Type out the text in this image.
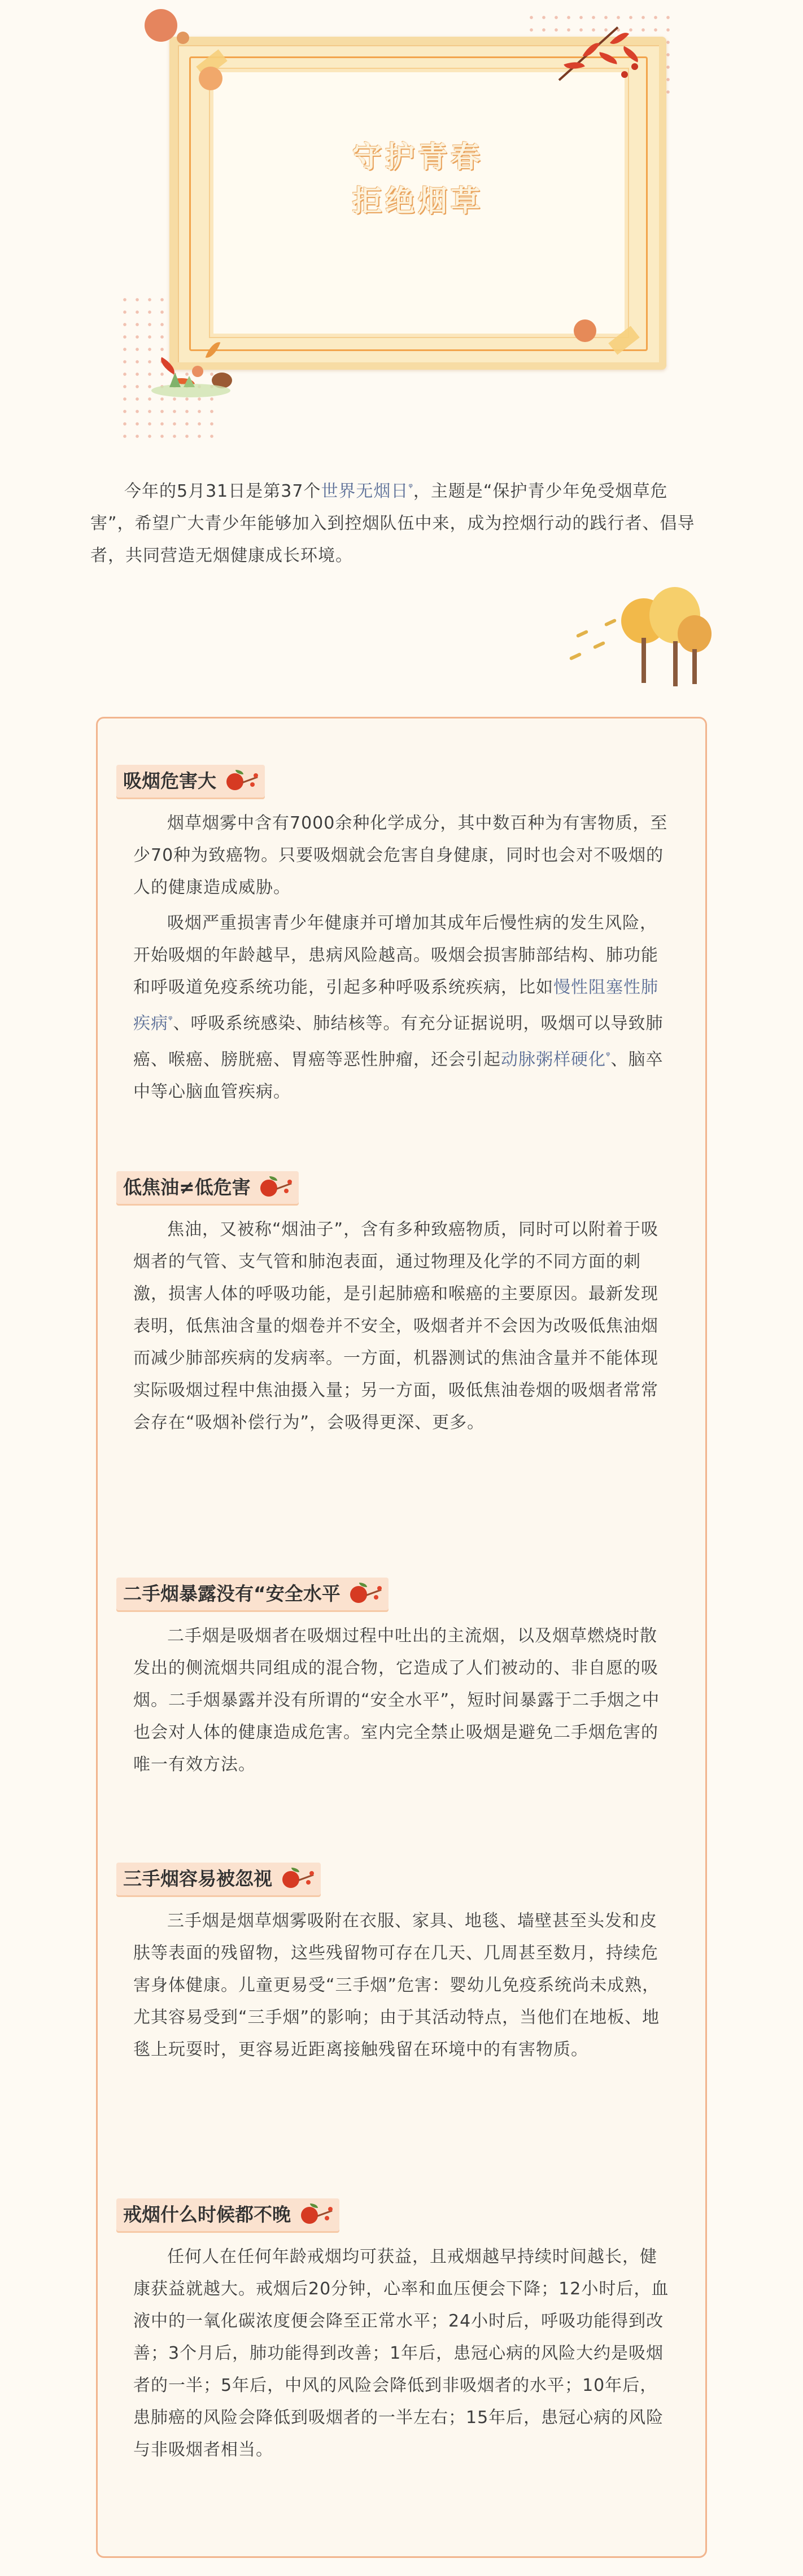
守护青春
拒绝烟草

今年的5月31日是第37个世界无烟日$^ᵠ$，主题是“保护青少年免受烟草危害”，希望广大青少年能够加入到控烟队伍中来，成为控烟行动的践行者、倡导者，共同营造无烟健康成长环境。

吸烟危害大

烟草烟雾中含有7000余种化学成分，其中数百种为有害物质，至少70种为致癌物。只要吸烟就会危害自身健康，同时也会对不吸烟的人的健康造成威胁。

吸烟严重损害青少年健康并可增加其成年后慢性病的发生风险，开始吸烟的年龄越早，患病风险越高。吸烟会损害肺部结构、肺功能和呼吸道免疫系统功能，引起多种呼吸系统疾病，比如慢性阻塞性肺疾病$^ᵠ$、呼吸系统感染、肺结核等。有充分证据说明，吸烟可以导致肺癌、喉癌、膀胱癌、胃癌等恶性肿瘤，还会引起动脉粥样硬化$^ᵠ$、脑卒中等心脑血管疾病。

低焦油≠低危害

焦油，又被称“烟油子”，含有多种致癌物质，同时可以附着于吸烟者的气管、支气管和肺泡表面，通过物理及化学的不同方面的刺激，损害人体的呼吸功能，是引起肺癌和喉癌的主要原因。最新发现表明，低焦油含量的烟卷并不安全，吸烟者并不会因为改吸低焦油烟而减少肺部疾病的发病率。一方面，机器测试的焦油含量并不能体现实际吸烟过程中焦油摄入量；另一方面，吸低焦油卷烟的吸烟者常常会存在“吸烟补偿行为”，会吸得更深、更多。

二手烟暴露没有“安全水平

二手烟是吸烟者在吸烟过程中吐出的主流烟，以及烟草燃烧时散发出的侧流烟共同组成的混合物，它造成了人们被动的、非自愿的吸烟。二手烟暴露并没有所谓的“安全水平”，短时间暴露于二手烟之中也会对人体的健康造成危害。室内完全禁止吸烟是避免二手烟危害的唯一有效方法。

三手烟容易被忽视

三手烟是烟草烟雾吸附在衣服、家具、地毯、墙壁甚至头发和皮肤等表面的残留物，这些残留物可存在几天、几周甚至数月，持续危害身体健康。儿童更易受“三手烟”危害：婴幼儿免疫系统尚未成熟，尤其容易受到“三手烟”的影响；由于其活动特点，当他们在地板、地毯上玩耍时，更容易近距离接触残留在环境中的有害物质。

戒烟什么时候都不晚

任何人在任何年龄戒烟均可获益，且戒烟越早持续时间越长，健康获益就越大。戒烟后20分钟，心率和血压便会下降；12小时后，血液中的一氧化碳浓度便会降至正常水平；24小时后，呼吸功能得到改善；3个月后，肺功能得到改善；1年后，患冠心病的风险大约是吸烟者的一半；5年后，中风的风险会降低到非吸烟者的水平；10年后，患肺癌的风险会降低到吸烟者的一半左右；15年后，患冠心病的风险与非吸烟者相当。
